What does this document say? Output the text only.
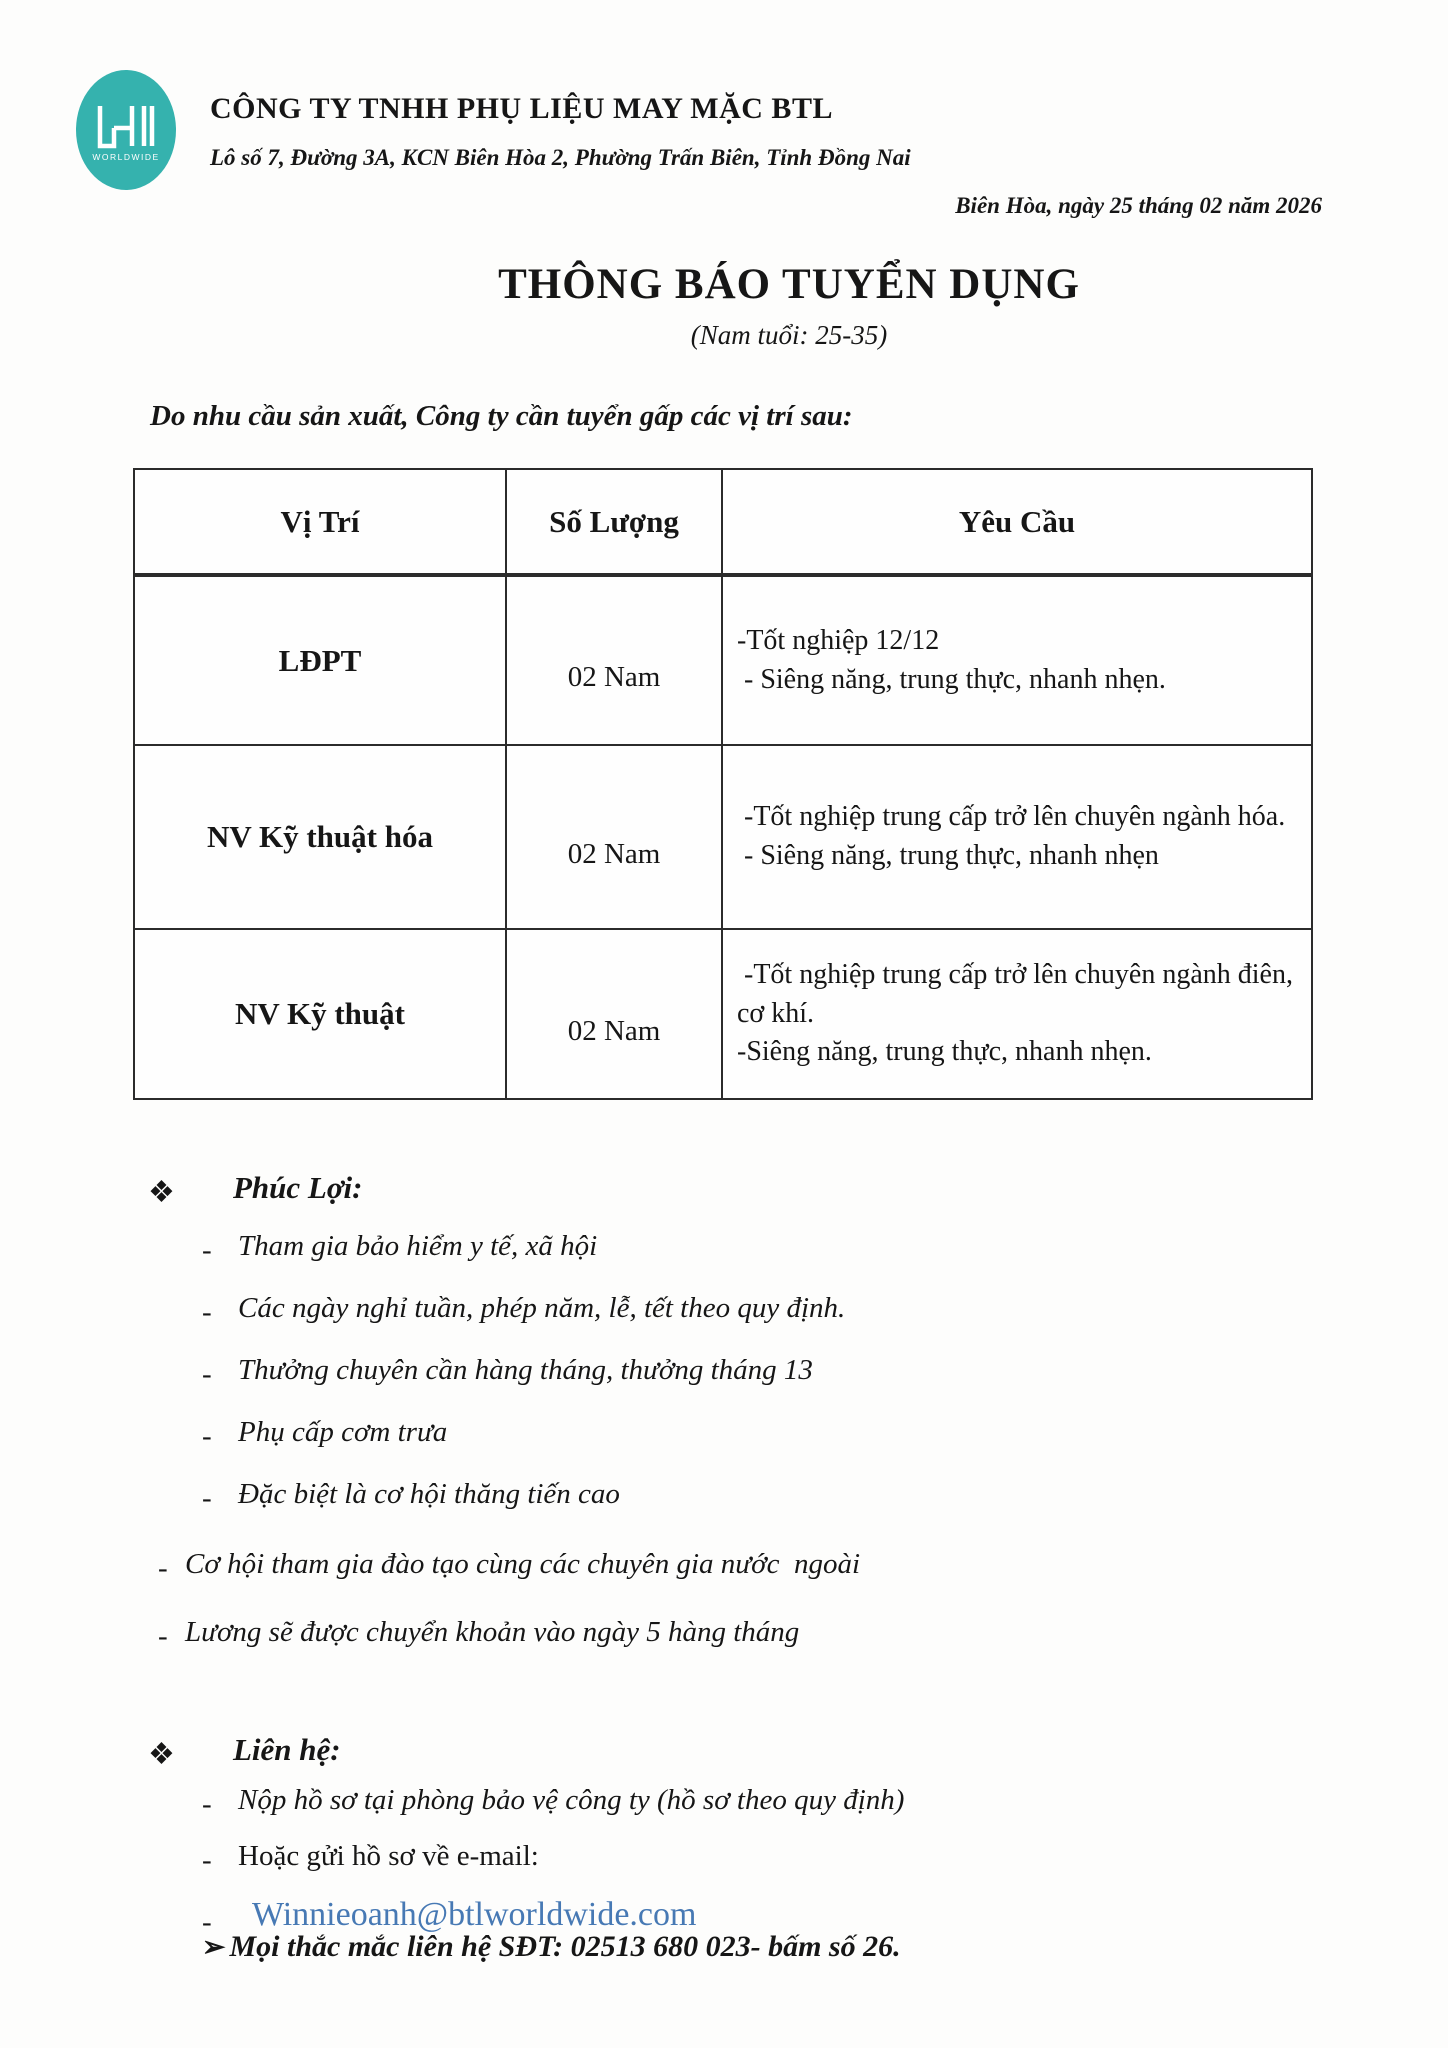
WORLDWIDE
CÔNG TY TNHH PHỤ LIỆU MAY MẶC BTL
Lô số 7, Đường 3A, KCN Biên Hòa 2, Phường Trấn Biên, Tỉnh Đồng Nai
Biên Hòa, ngày 25 tháng 02 năm 2026
THÔNG BÁO TUYỂN DỤNG
(Nam tuổi: 25-35)
Do nhu cầu sản xuất, Công ty cần tuyển gấp các vị trí sau:
Vị Trí	Số Lượng	Yêu Cầu
LĐPT	02 Nam	-Tốt nghiệp 12/12
- Siêng năng, trung thực, nhanh nhẹn.

NV Kỹ thuật hóa	02 Nam	-Tốt nghiệp trung cấp trở lên chuyên ngành hóa.
- Siêng năng, trung thực, nhanh nhẹn

NV Kỹ thuật	02 Nam	-Tốt nghiệp trung cấp trở lên chuyên ngành điên, cơ khí.
-Siêng năng, trung thực, nhanh nhẹn.
❖ Phúc Lợi:
- Tham gia bảo hiểm y tế, xã hội
- Các ngày nghỉ tuần, phép năm, lễ, tết theo quy định.
- Thưởng chuyên cần hàng tháng, thưởng tháng 13
- Phụ cấp cơm trưa
- Đặc biệt là cơ hội thăng tiến cao
- Cơ hội tham gia đào tạo cùng các chuyên gia nước  ngoài
- Lương sẽ được chuyển khoản vào ngày 5 hàng tháng
❖ Liên hệ:
- Nộp hồ sơ tại phòng bảo vệ công ty (hồ sơ theo quy định)
- Hoặc gửi hồ sơ về e-mail:
- Winnieoanh@btlworldwide.com
➢ Mọi thắc mắc liên hệ SĐT: 02513 680 023- bấm số 26.
